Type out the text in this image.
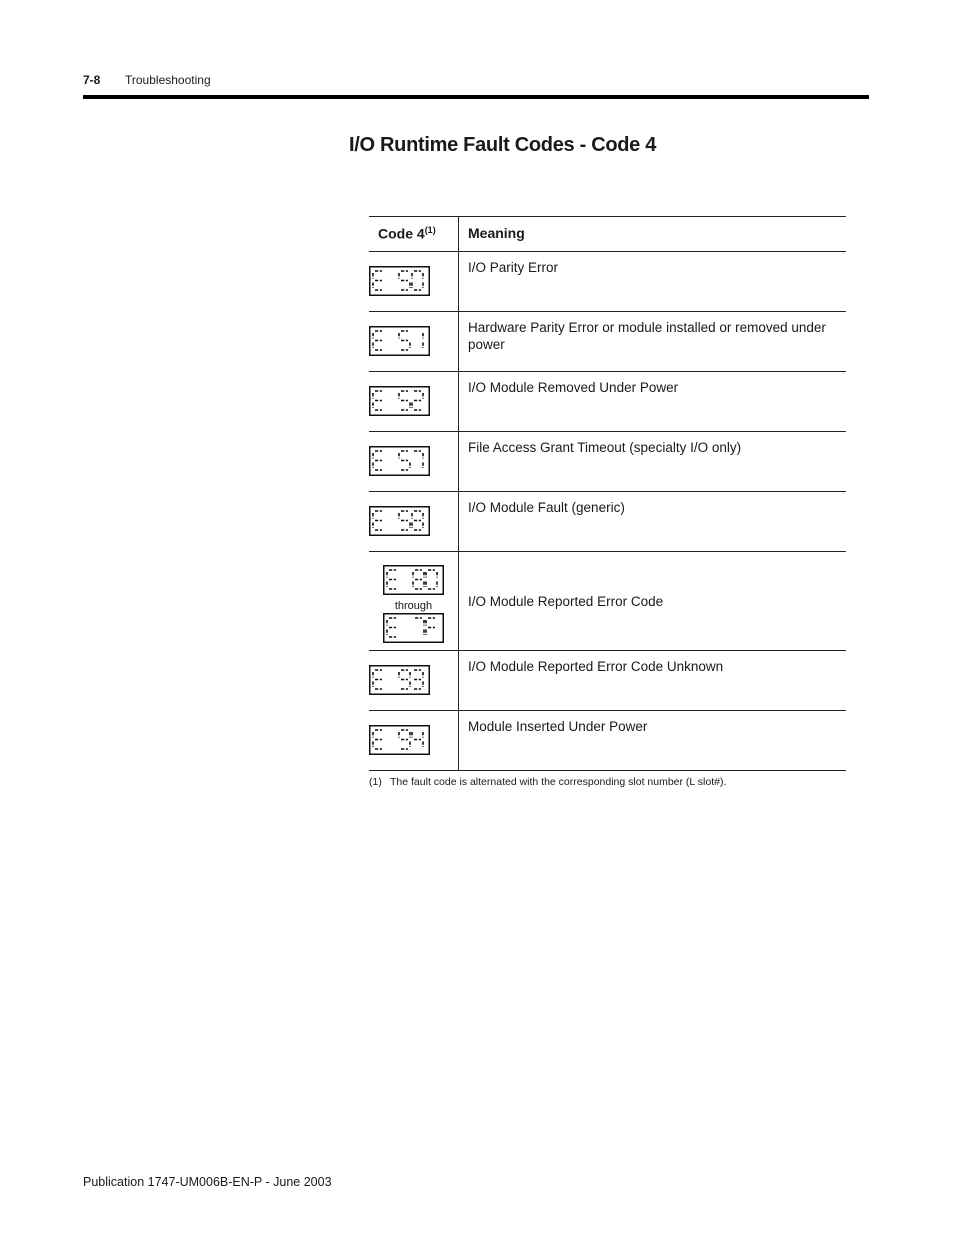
7-8 Troubleshooting
I/O Runtime Fault Codes - Code 4
Code 4$^{(1)}$	Meaning

I/O Parity Error

Hardware Parity Error or module installed or removed under power

I/O Module Removed Under Power

File Access Grant Timeout (specialty I/O only)

I/O Module Fault (generic)

through	I/O Module Reported Error Code

I/O Module Reported Error Code Unknown

Module Inserted Under Power
(1) The fault code is alternated with the corresponding slot number (L slot#).
Publication 1747-UM006B-EN-P - June 2003
